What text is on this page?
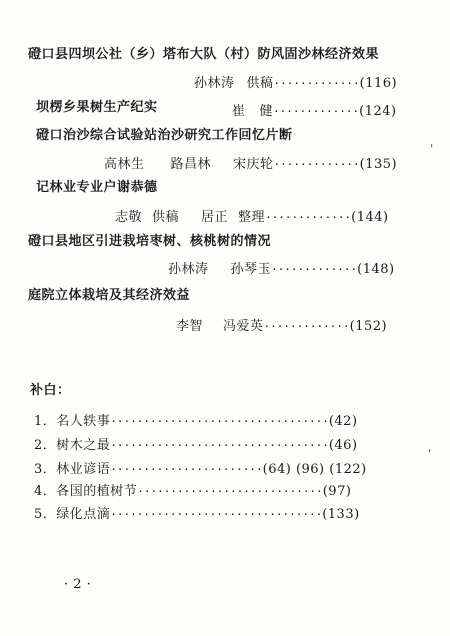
磴口县四坝公社（乡）塔布大队（村）防风固沙林经济效果
孙林涛 供稿·············(116)
坝楞乡果树生产纪实	崔 健·············(124)
磴口治沙综合试验站治沙研究工作回忆片断
高林生 路昌林 宋庆轮·············(135)
记林业专业户谢恭德
志敬 供稿 居正 整理·············(144)
磴口县地区引进栽培枣树、核桃树的情况
孙林涛 孙琴玉·············(148)
庭院立体栽培及其经济效益
李智 冯爱英·············(152)
补白：
1．名人轶事·································(42)
2．树木之最·································(46)
3．林业谚语·······················(64) (96) (122)
4．各国的植树节····························(97)
5．绿化点滴································(133)
· 2 ·
'
'
